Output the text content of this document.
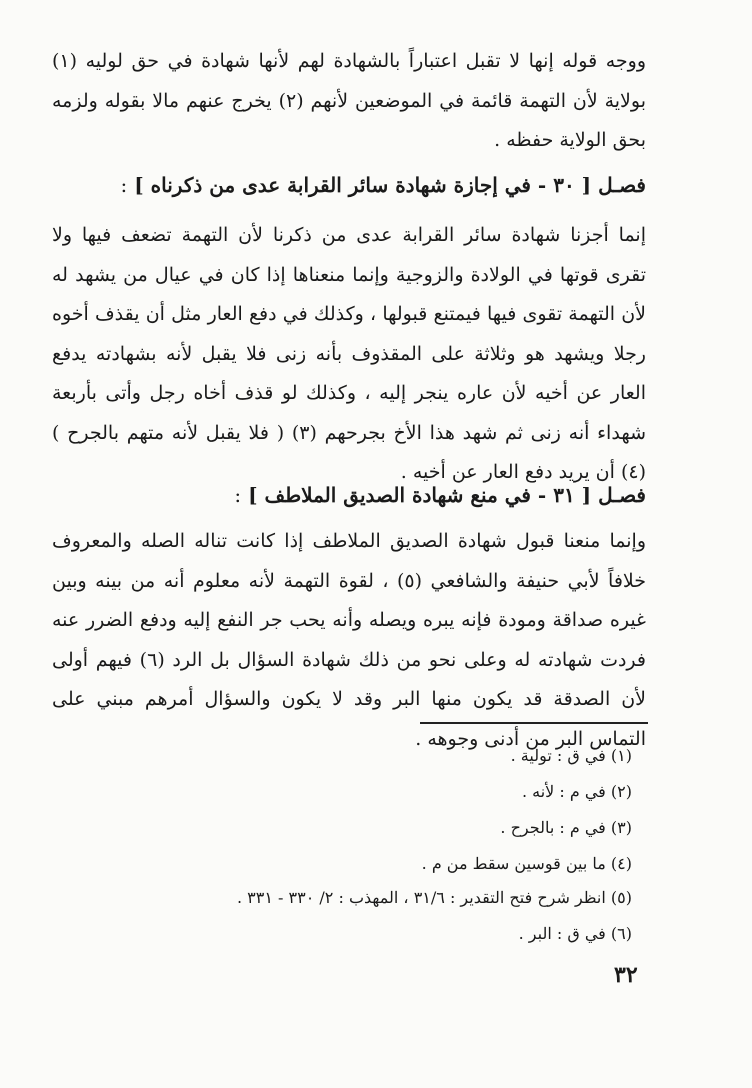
ووجه قوله إنها لا تقبل اعتباراً بالشهادة لهم لأنها شهادة في حق لوليه (١) بولاية لأن التهمة قائمة في الموضعين لأنهم (٢) يخرج عنهم مالا بقوله ولزمه بحق الولاية حفظه .

فصـل [ ٣٠ - في إجازة شهادة سائر القرابة عدى من ذكرناه ] :

إنما أجزنا شهادة سائر القرابة عدى من ذكرنا لأن التهمة تضعف فيها ولا تقرى قوتها في الولادة والزوجية وإنما منعناها إذا كان في عيال من يشهد له لأن التهمة تقوى فيها فيمتنع قبولها ، وكذلك في دفع العار مثل أن يقذف أخوه رجلا ويشهد هو وثلاثة على المقذوف بأنه زنى فلا يقبل لأنه بشهادته يدفع العار عن أخيه لأن عاره ينجر إليه ، وكذلك لو قذف أخاه رجل وأتى بأربعة شهداء أنه زنى ثم شهد هذا الأخ بجرحهم (٣) ( فلا يقبل لأنه متهم بالجرح ) (٤) أن يريد دفع العار عن أخيه .

فصـل [ ٣١ - في منع شهادة الصديق الملاطف ] :

وإنما منعنا قبول شهادة الصديق الملاطف إذا كانت تناله الصله والمعروف خلافاً لأبي حنيفة والشافعي (٥) ، لقوة التهمة لأنه معلوم أنه من بينه وبين غيره صداقة ومودة فإنه يبره ويصله وأنه يحب جر النفع إليه ودفع الضرر عنه فردت شهادته له وعلى نحو من ذلك شهادة السؤال بل الرد (٦) فيهم أولى لأن الصدقة قد يكون منها البر وقد لا يكون والسؤال أمرهم مبني على التماس البر من أدنى وجوهه .

(١) في ق : تولية .
(٢) في م : لأنه .
(٣) في م : بالجرح .
(٤) ما بين قوسين سقط من م .
(٥) انظر شرح فتح التقدير : ٣١/٦ ، المهذب : ٢/ ٣٣٠ - ٣٣١ .
(٦) في ق : البر .
٣٢
